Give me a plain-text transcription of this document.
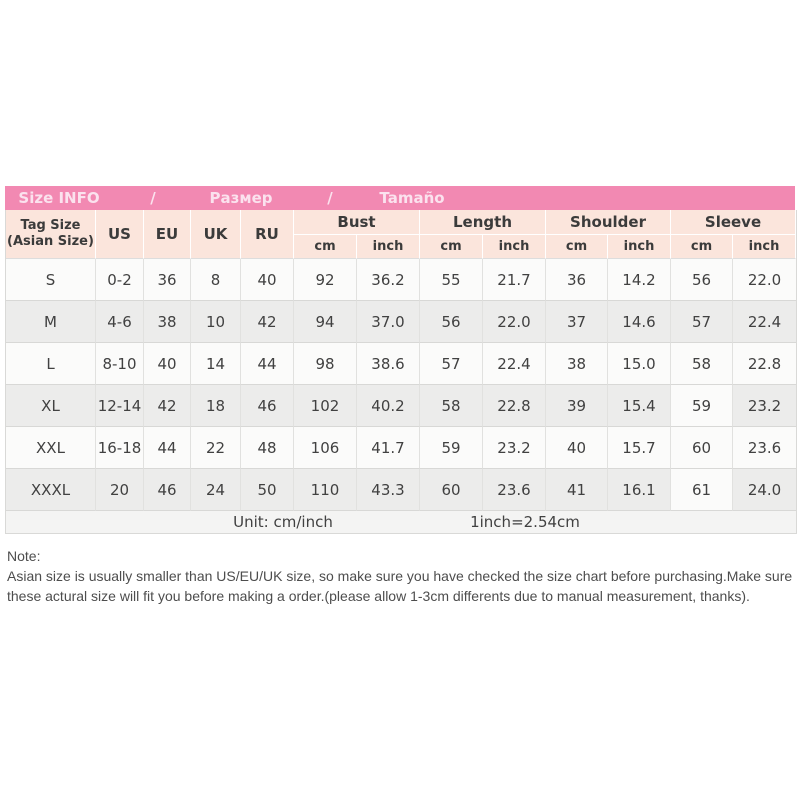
Size INFO	/	Размер	/	Tamaño
Tag Size
(Asian Size)	US	EU	UK	RU	Bust		Length		Shoulder		Sleeve	
					cm	inch	cm	inch	cm	inch	cm	inch
S	0-2	36	8	40	92	36.2	55	21.7	36	14.2	56	22.0
M	4-6	38	10	42	94	37.0	56	22.0	37	14.6	57	22.4
L	8-10	40	14	44	98	38.6	57	22.4	38	15.0	58	22.8
XL	12-14	42	18	46	102	40.2	58	22.8	39	15.4	59	23.2
XXL	16-18	44	22	48	106	41.7	59	23.2	40	15.7	60	23.6
XXXL	20	46	24	50	110	43.3	60	23.6	41	16.1	61	24.0

Unit: cm/inch 1inch=2.54cm												
Note:
Asian size is usually smaller than US/EU/UK size, so make sure you have checked the size chart before purchasing.Make sure
these actural size will fit you before making a order.(please allow 1-3cm differents due to manual measurement, thanks).
